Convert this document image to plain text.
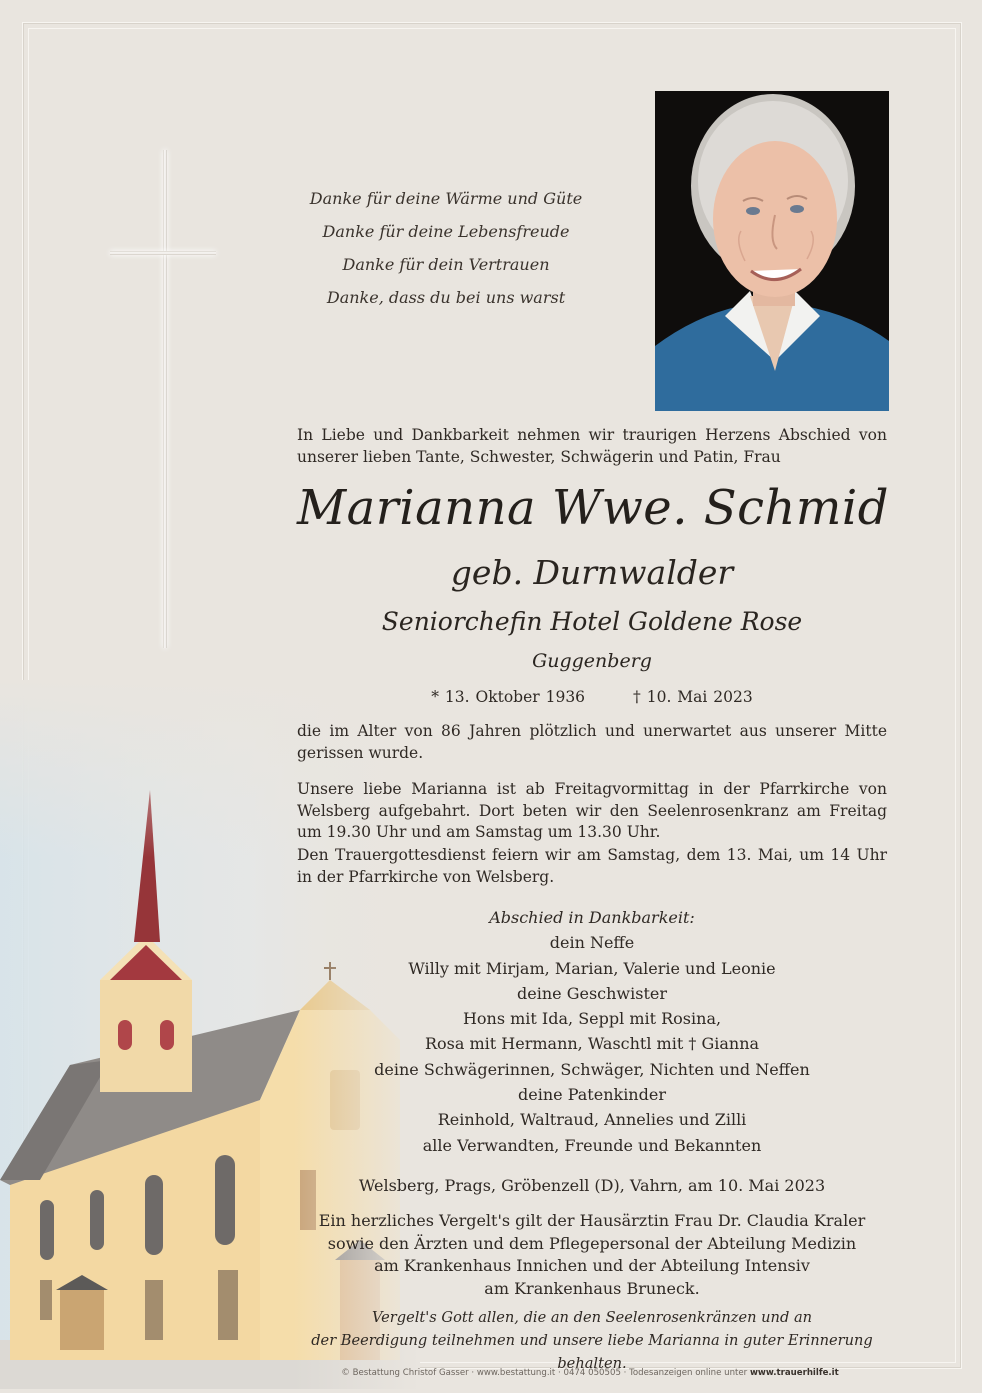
Danke für deine Wärme und Güte
Danke für deine Lebensfreude
Danke für dein Vertrauen
Danke, dass du bei uns warst
In Liebe und Dankbarkeit nehmen wir traurigen Herzens Abschied von unserer lieben Tante, Schwester, Schwägerin und Patin, Frau
Marianna Wwe. Schmid
geb. Durnwalder
Seniorchefin Hotel Goldene Rose
Guggenberg
* 13. Oktober 1936	† 10. Mai 2023
die im Alter von 86 Jahren plötzlich und unerwartet aus unserer Mitte gerissen wurde.
Unsere liebe Marianna ist ab Freitagvormittag in der Pfarrkirche von Welsberg aufgebahrt. Dort beten wir den Seelenrosenkranz am Freitag um 19.30 Uhr und am Samstag um 13.30 Uhr.
Den Trauergottesdienst feiern wir am Samstag, dem 13. Mai, um 14 Uhr in der Pfarrkirche von Welsberg.
Abschied in Dankbarkeit:
dein Neffe
Willy mit Mirjam, Marian, Valerie und Leonie
deine Geschwister
Hons mit Ida, Seppl mit Rosina,
Rosa mit Hermann, Waschtl mit † Gianna
deine Schwägerinnen, Schwäger, Nichten und Neffen
deine Patenkinder
Reinhold, Waltraud, Annelies und Zilli
alle Verwandten, Freunde und Bekannten
Welsberg, Prags, Gröbenzell (D), Vahrn, am 10. Mai 2023
Ein herzliches Vergelt's gilt der Hausärztin Frau Dr. Claudia Kraler
sowie den Ärzten und dem Pflegepersonal der Abteilung Medizin
am Krankenhaus Innichen und der Abteilung Intensiv
am Krankenhaus Bruneck.
Vergelt's Gott allen, die an den Seelenrosenkränzen und an
der Beerdigung teilnehmen und unsere liebe Marianna in guter Erinnerung behalten.
© Bestattung Christof Gasser · www.bestattung.it · 0474 050505 · Todesanzeigen online unter www.trauerhilfe.it
